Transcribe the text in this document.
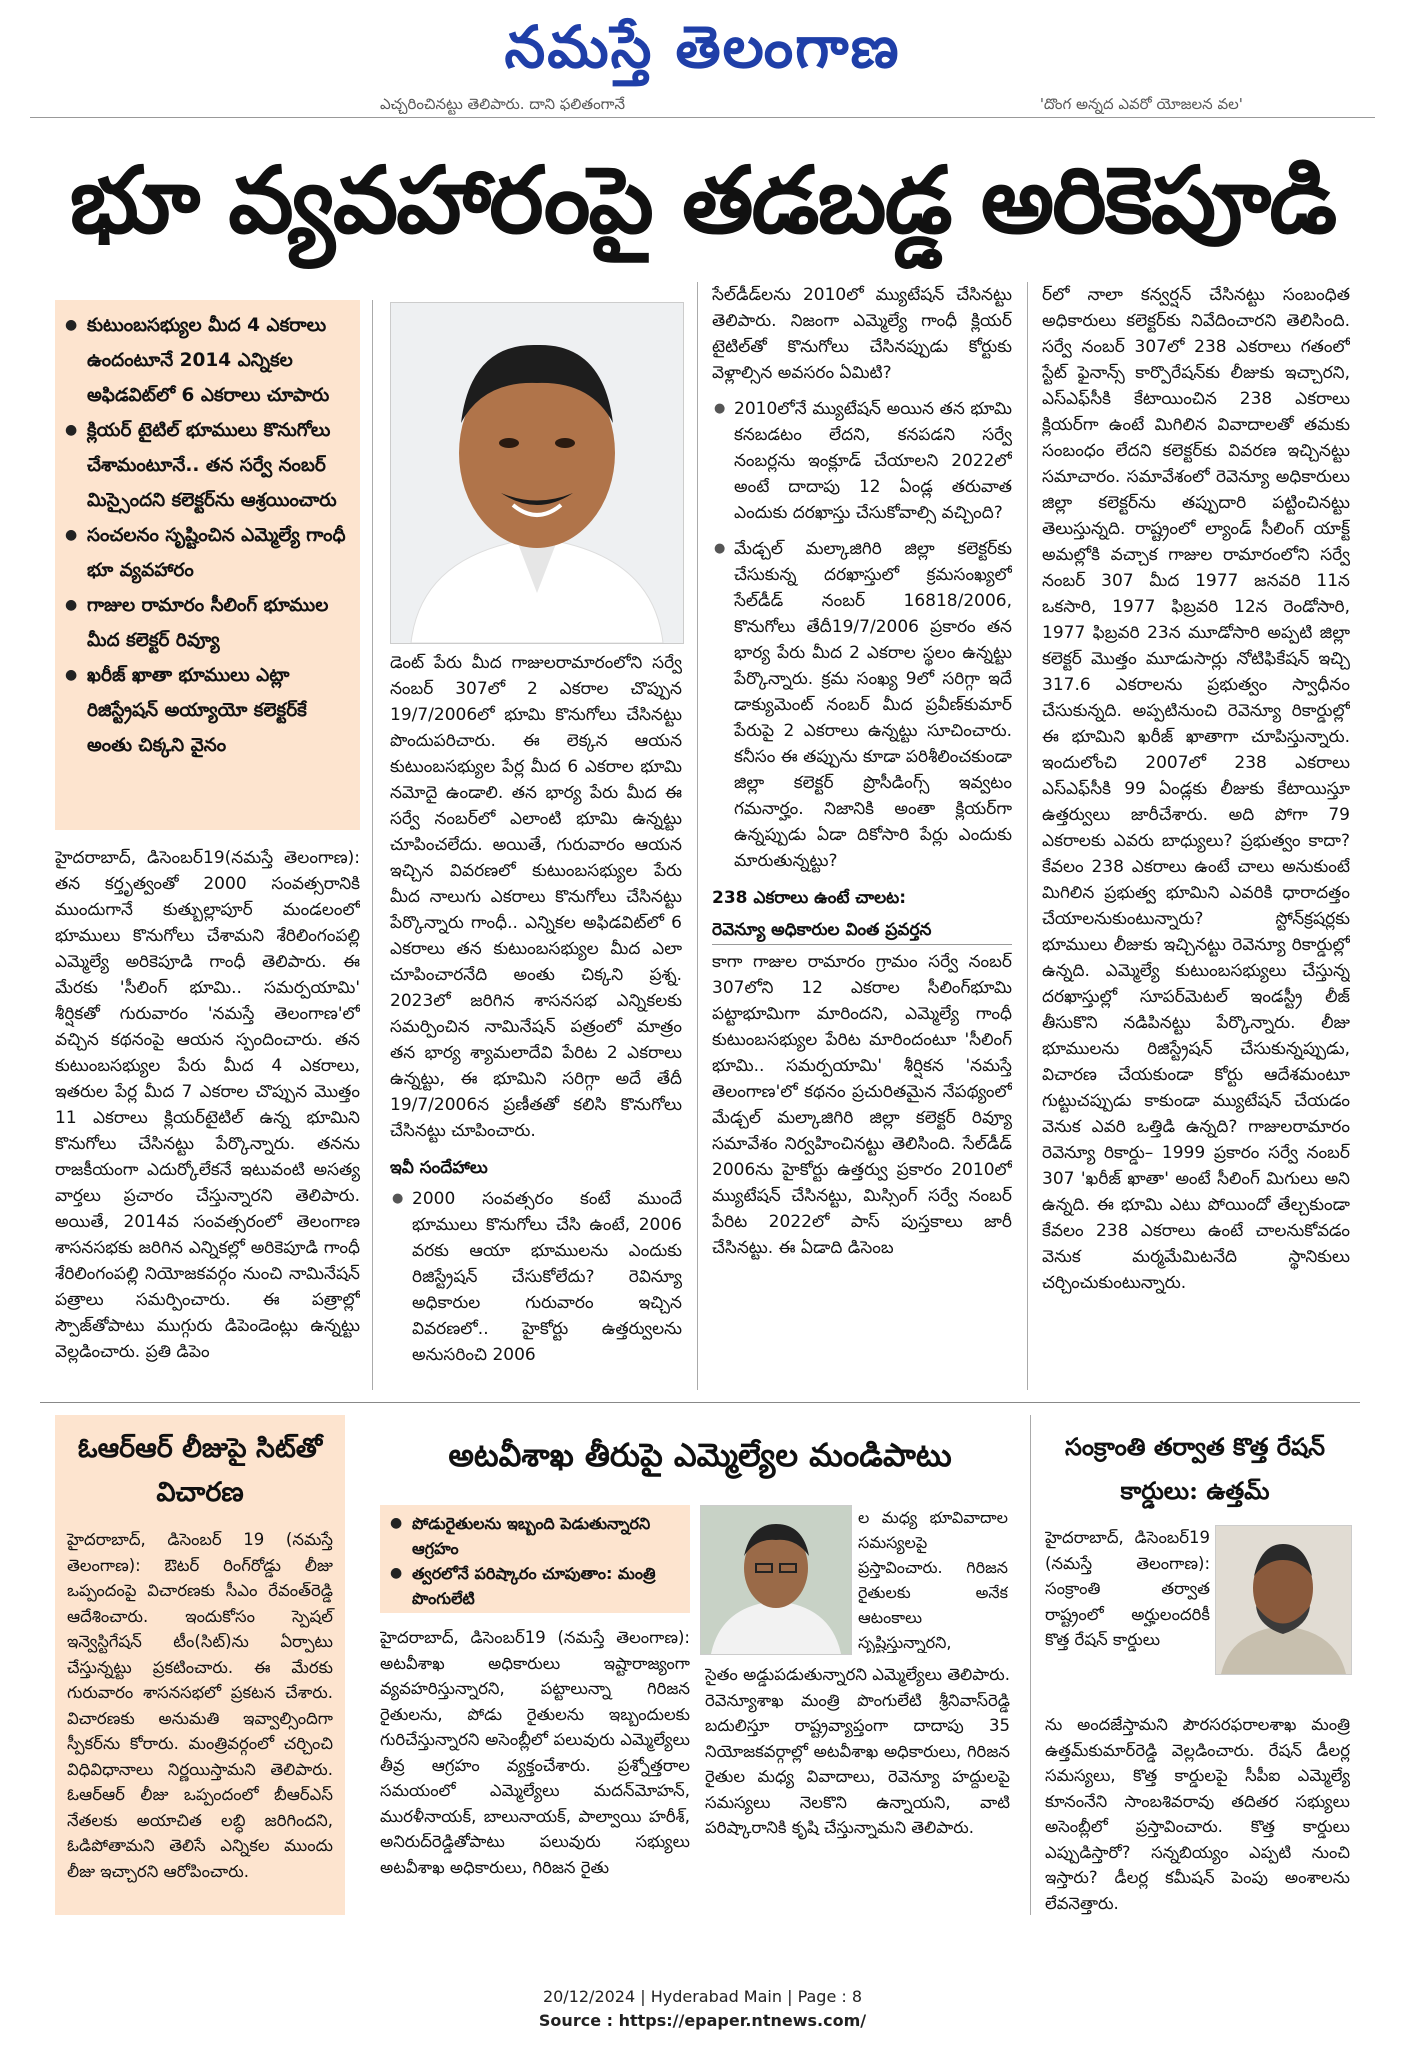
నమస్తే తెలంగాణ
ఎచ్చరించినట్టు తెలిపారు. దాని ఫలితంగానే	'దొంగ అన్నద ఎవరో యోజలన వల'
భూ వ్యవహారంపై తడబడ్డ అరికెపూడి
● కుటుంబసభ్యుల మీద 4 ఎకరాలు ఉందంటూనే 2014 ఎన్నికల అఫిడవిట్‌లో 6 ఎకరాలు చూపారు
● క్లియర్ టైటిల్ భూములు కొనుగోలు చేశామంటూనే.. తన సర్వే నంబర్ మిస్సైందని కలెక్టర్‌ను ఆశ్రయించారు
● సంచలనం సృష్టించిన ఎమ్మెల్యే గాంధీ భూ వ్యవహారం
● గాజుల రామారం సీలింగ్ భూముల మీద కలెక్టర్ రివ్యూ
● ఖరీజ్ ఖాతా భూములు ఎట్లా రిజిస్ట్రేషన్ అయ్యాయో కలెక్టర్‌కే అంతు చిక్కని వైనం

హైదరాబాద్, డిసెంబర్19(నమస్తే తెలంగాణ): తన కర్తృత్వంతో 2000 సంవత్సరానికి ముందుగానే కుత్బుల్లాపూర్ మండలంలో భూములు కొనుగోలు చేశామని శేరిలింగంపల్లి ఎమ్మెల్యే అరికెపూడి గాంధీ తెలిపారు. ఈ మేరకు 'సీలింగ్ భూమి.. సమర్పయామి' శీర్షికతో గురువారం 'నమస్తే తెలంగాణ'లో వచ్చిన కథనంపై ఆయన స్పందించారు. తన కుటుంబసభ్యుల పేరు మీద 4 ఎకరాలు, ఇతరుల పేర్ల మీద 7 ఎకరాల చొప్పున మొత్తం 11 ఎకరాలు క్లియర్‌టైటిల్ ఉన్న భూమిని కొనుగోలు చేసినట్టు పేర్కొన్నారు. తనను రాజకీయంగా ఎదుర్కోలేకనే ఇటువంటి అసత్య వార్తలు ప్రచారం చేస్తున్నారని తెలిపారు. అయితే, 2014వ సంవత్సరంలో తెలంగాణ శాసనసభకు జరిగిన ఎన్నికల్లో అరికెపూడి గాంధీ శేరిలింగంపల్లి నియోజకవర్గం నుంచి నామినేషన్ పత్రాలు సమర్పించారు. ఈ పత్రాల్లో స్పౌజ్‌తోపాటు ముగ్గురు డిపెండెంట్లు ఉన్నట్టు వెల్లడించారు. ప్రతి డిపెం

డెంట్ పేరు మీద గాజులరామారంలోని సర్వే నంబర్ 307లో 2 ఎకరాల చొప్పున 19/7/2006లో భూమి కొనుగోలు చేసినట్టు పొందుపరిచారు. ఈ లెక్కన ఆయన కుటుంబసభ్యుల పేర్ల మీద 6 ఎకరాల భూమి నమోదై ఉండాలి. తన భార్య పేరు మీద ఈ సర్వే నంబర్‌లో ఎలాంటి భూమి ఉన్నట్టు చూపించలేదు. అయితే, గురువారం ఆయన ఇచ్చిన వివరణలో కుటుంబసభ్యుల పేరు మీద నాలుగు ఎకరాలు కొనుగోలు చేసినట్టు పేర్కొన్నారు గాంధీ.. ఎన్నికల అఫిడవిట్‌లో 6 ఎకరాలు తన కుటుంబసభ్యుల మీద ఎలా చూపించారనేది అంతు చిక్కని ప్రశ్న. 2023లో జరిగిన శాసనసభ ఎన్నికలకు సమర్పించిన నామినేషన్ పత్రంలో మాత్రం తన భార్య శ్యామలాదేవి పేరిట 2 ఎకరాలు ఉన్నట్టు, ఈ భూమిని సరిగ్గా అదే తేదీ 19/7/2006న ప్రణీతతో కలిసి కొనుగోలు చేసినట్టు చూపించారు.

ఇవీ సందేహాలు

● 2000 సంవత్సరం కంటే ముందే భూములు కొనుగోలు చేసి ఉంటే, 2006 వరకు ఆయా భూములను ఎందుకు రిజిస్ట్రేషన్ చేసుకోలేదు? రెవిన్యూ అధికారుల గురువారం ఇచ్చిన వివరణలో.. హైకోర్టు ఉత్తర్వులను అనుసరించి 2006

సేల్‌డీడ్‌లను 2010లో మ్యుటేషన్ చేసినట్టు తెలిపారు. నిజంగా ఎమ్మెల్యే గాంధీ క్లియర్ టైటిల్‌తో కొనుగోలు చేసినప్పుడు కోర్టుకు వెళ్లాల్సిన అవసరం ఏమిటి?

● 2010లోనే మ్యుటేషన్ అయిన తన భూమి కనబడటం లేదని, కనపడని సర్వే నంబర్లను ఇంక్లూడ్ చేయాలని 2022లో అంటే దాదాపు 12 ఏండ్ల తరువాత ఎందుకు దరఖాస్తు చేసుకోవాల్సి వచ్చింది?

● మేడ్చల్ మల్కాజిగిరి జిల్లా కలెక్టర్‌కు చేసుకున్న దరఖాస్తులో క్రమసంఖ్యలో సేల్‌డీడ్ నంబర్ 16818/2006, కొనుగోలు తేదీ19/7/2006 ప్రకారం తన భార్య పేరు మీద 2 ఎకరాల స్థలం ఉన్నట్టు పేర్కొన్నారు. క్రమ సంఖ్య 9లో సరిగ్గా ఇదే డాక్యుమెంట్ నంబర్ మీద ప్రవీణ్‌కుమార్ పేరుపై 2 ఎకరాలు ఉన్నట్టు సూచించారు. కనీసం ఈ తప్పును కూడా పరిశీలించకుండా జిల్లా కలెక్టర్ ప్రొసీడింగ్స్ ఇవ్వటం గమనార్హం. నిజానికి అంతా క్లియర్‌గా ఉన్నప్పుడు ఏడా దికోసారి పేర్లు ఎందుకు మారుతున్నట్టు?

238 ఎకరాలు ఉంటే చాలట:
రెవెన్యూ అధికారుల వింత ప్రవర్తన

కాగా గాజుల రామారం గ్రామం సర్వే నంబర్ 307లోని 12 ఎకరాల సీలింగ్‌భూమి పట్టాభూమిగా మారిందని, ఎమ్మెల్యే గాంధీ కుటుంబసభ్యుల పేరిట మారిందంటూ 'సీలింగ్ భూమి.. సమర్పయామి' శీర్షికన 'నమస్తే తెలంగాణ'లో కథనం ప్రచురితమైన నేపథ్యంలో మేడ్చల్ మల్కాజిగిరి జిల్లా కలెక్టర్ రివ్యూ సమావేశం నిర్వహించినట్టు తెలిసింది. సేల్‌డీడ్ 2006ను హైకోర్టు ఉత్తర్వు ప్రకారం 2010లో మ్యుటేషన్ చేసినట్టు, మిస్సింగ్ సర్వే నంబర్ పేరిట 2022లో పాస్ పుస్తకాలు జారీ చేసినట్టు. ఈ ఏడాది డిసెంబ

ర్‌లో నాలా కన్వర్షన్ చేసినట్టు సంబంధిత అధికారులు కలెక్టర్‌కు నివేదించారని తెలిసింది. సర్వే నంబర్ 307లో 238 ఎకరాలు గతంలో స్టేట్ ఫైనాన్స్ కార్పొరేషన్‌కు లీజుకు ఇచ్చారని, ఎస్‌ఎఫ్‌సీకి కేటాయించిన 238 ఎకరాలు క్లియర్‌గా ఉంటే మిగిలిన వివాదాలతో తమకు సంబంధం లేదని కలెక్టర్‌కు వివరణ ఇచ్చినట్టు సమాచారం. సమావేశంలో రెవెన్యూ అధికారులు జిల్లా కలెక్టర్‌ను తప్పుదారి పట్టించినట్టు తెలుస్తున్నది. రాష్ట్రంలో ల్యాండ్ సీలింగ్ యాక్ట్ అమల్లోకి వచ్చాక గాజుల రామారంలోని సర్వే నంబర్ 307 మీద 1977 జనవరి 11న ఒకసారి, 1977 ఫిబ్రవరి 12న రెండోసారి, 1977 ఫిబ్రవరి 23న మూడోసారి అప్పటి జిల్లా కలెక్టర్ మొత్తం మూడుసార్లు నోటిఫికేషన్ ఇచ్చి 317.6 ఎకరాలను ప్రభుత్వం స్వాధీనం చేసుకున్నది. అప్పటినుంచి రెవెన్యూ రికార్డుల్లో ఈ భూమిని ఖరీజ్ ఖాతాగా చూపిస్తున్నారు. ఇందులోంచి 2007లో 238 ఎకరాలు ఎస్‌ఎఫ్‌సీకి 99 ఏండ్లకు లీజుకు కేటాయిస్తూ ఉత్తర్వులు జారీచేశారు. అది పోగా 79 ఎకరాలకు ఎవరు బాధ్యులు? ప్రభుత్వం కాదా? కేవలం 238 ఎకరాలు ఉంటే చాలు అనుకుంటే మిగిలిన ప్రభుత్వ భూమిని ఎవరికి ధారాదత్తం చేయాలనుకుంటున్నారు? స్టోన్‌క్రషర్లకు భూములు లీజుకు ఇచ్చినట్టు రెవెన్యూ రికార్డుల్లో ఉన్నది. ఎమ్మెల్యే కుటుంబసభ్యులు చేస్తున్న దరఖాస్తుల్లో సూపర్‌మెటల్ ఇండస్ట్రీ లీజ్ తీసుకొని నడిపినట్టు పేర్కొన్నారు. లీజు భూములను రిజిస్ట్రేషన్ చేసుకున్నప్పుడు, విచారణ చేయకుండా కోర్టు ఆదేశమంటూ గుట్టుచప్పుడు కాకుండా మ్యుటేషన్ చేయడం వెనుక ఎవరి ఒత్తిడి ఉన్నది? గాజులరామారం రెవెన్యూ రికార్డు– 1999 ప్రకారం సర్వే నంబర్ 307 'ఖరీజ్ ఖాతా' అంటే సీలింగ్ మిగులు అని ఉన్నది. ఈ భూమి ఎటు పోయిందో తేల్చకుండా కేవలం 238 ఎకరాలు ఉంటే చాలనుకోవడం వెనుక మర్మమేమిటనేది స్థానికులు చర్చించుకుంటున్నారు.

ఓఆర్‌ఆర్ లీజుపై సిట్‌తో విచారణ
హైదరాబాద్, డిసెంబర్ 19 (నమస్తే తెలంగాణ): ఔటర్ రింగ్‌రోడ్డు లీజు ఒప్పందంపై విచారణకు సీఎం రేవంత్‌రెడ్డి ఆదేశించారు. ఇందుకోసం స్పెషల్ ఇన్వెస్టిగేషన్ టీం(సిట్)ను ఏర్పాటు చేస్తున్నట్టు ప్రకటించారు. ఈ మేరకు గురువారం శాసనసభలో ప్రకటన చేశారు. విచారణకు అనుమతి ఇవ్వాల్సిందిగా స్పీకర్‌ను కోరారు. మంత్రివర్గంలో చర్చించి విధివిధానాలు నిర్ణయిస్తామని తెలిపారు. ఓఆర్‌ఆర్ లీజు ఒప్పందంలో బీఆర్‌ఎస్ నేతలకు అయాచిత లబ్ధి జరిగిందని, ఓడిపోతామని తెలిసే ఎన్నికల ముందు లీజు ఇచ్చారని ఆరోపించారు.
అటవీశాఖ తీరుపై ఎమ్మెల్యేల మండిపాటు
● పోడురైతులను ఇబ్బంది పెడుతున్నారని ఆగ్రహం
● త్వరలోనే పరిష్కారం చూపుతాం: మంత్రి పొంగులేటి
ల మధ్య భూవివాదాల సమస్యలపై ప్రస్తావించారు. గిరిజన రైతులకు అనేక ఆటంకాలు సృష్టిస్తున్నారని,
హైదరాబాద్, డిసెంబర్19 (నమస్తే తెలంగాణ): అటవీశాఖ అధికారులు ఇష్టారాజ్యంగా వ్యవహరిస్తున్నారని, పట్టాలున్నా గిరిజన రైతులను, పోడు రైతులను ఇబ్బందులకు గురిచేస్తున్నారని అసెంబ్లీలో పలువురు ఎమ్మెల్యేలు తీవ్ర ఆగ్రహం వ్యక్తంచేశారు. ప్రశ్నోత్తరాల సమయంలో ఎమ్మెల్యేలు మదన్‌మోహన్, మురళీనాయక్, బాలునాయక్, పాల్వాయి హరీశ్, అనిరుద్‌రెడ్డితోపాటు పలువురు సభ్యులు అటవీశాఖ అధికారులు, గిరిజన రైతు
సైతం అడ్డుపడుతున్నారని ఎమ్మెల్యేలు తెలిపారు. రెవెన్యూశాఖ మంత్రి పొంగులేటి శ్రీనివాస్‌రెడ్డి బదులిస్తూ రాష్ట్రవ్యాప్తంగా దాదాపు 35 నియోజకవర్గాల్లో అటవీశాఖ అధికారులు, గిరిజన రైతుల మధ్య వివాదాలు, రెవెన్యూ హద్దులపై సమస్యలు నెలకొని ఉన్నాయని, వాటి పరిష్కారానికి కృషి చేస్తున్నామని తెలిపారు.
సంక్రాంతి తర్వాత కొత్త రేషన్ కార్డులు: ఉత్తమ్
హైదరాబాద్, డిసెంబర్19 (నమస్తే తెలంగాణ): సంక్రాంతి తర్వాత రాష్ట్రంలో అర్హులందరికీ కొత్త రేషన్ కార్డులు
ను అందజేస్తామని పౌరసరఫరాలశాఖ మంత్రి ఉత్తమ్‌కుమార్‌రెడ్డి వెల్లడించారు. రేషన్ డీలర్ల సమస్యలు, కొత్త కార్డులపై సీపీఐ ఎమ్మెల్యే కూనంనేని సాంబశివరావు తదితర సభ్యులు అసెంబ్లీలో ప్రస్తావించారు. కొత్త కార్డులు ఎప్పుడిస్తారో? సన్నబియ్యం ఎప్పటి నుంచి ఇస్తారు? డీలర్ల కమీషన్ పెంపు అంశాలను లేవనెత్తారు.
20/12/2024 | Hyderabad Main | Page : 8
Source : https://epaper.ntnews.com/
